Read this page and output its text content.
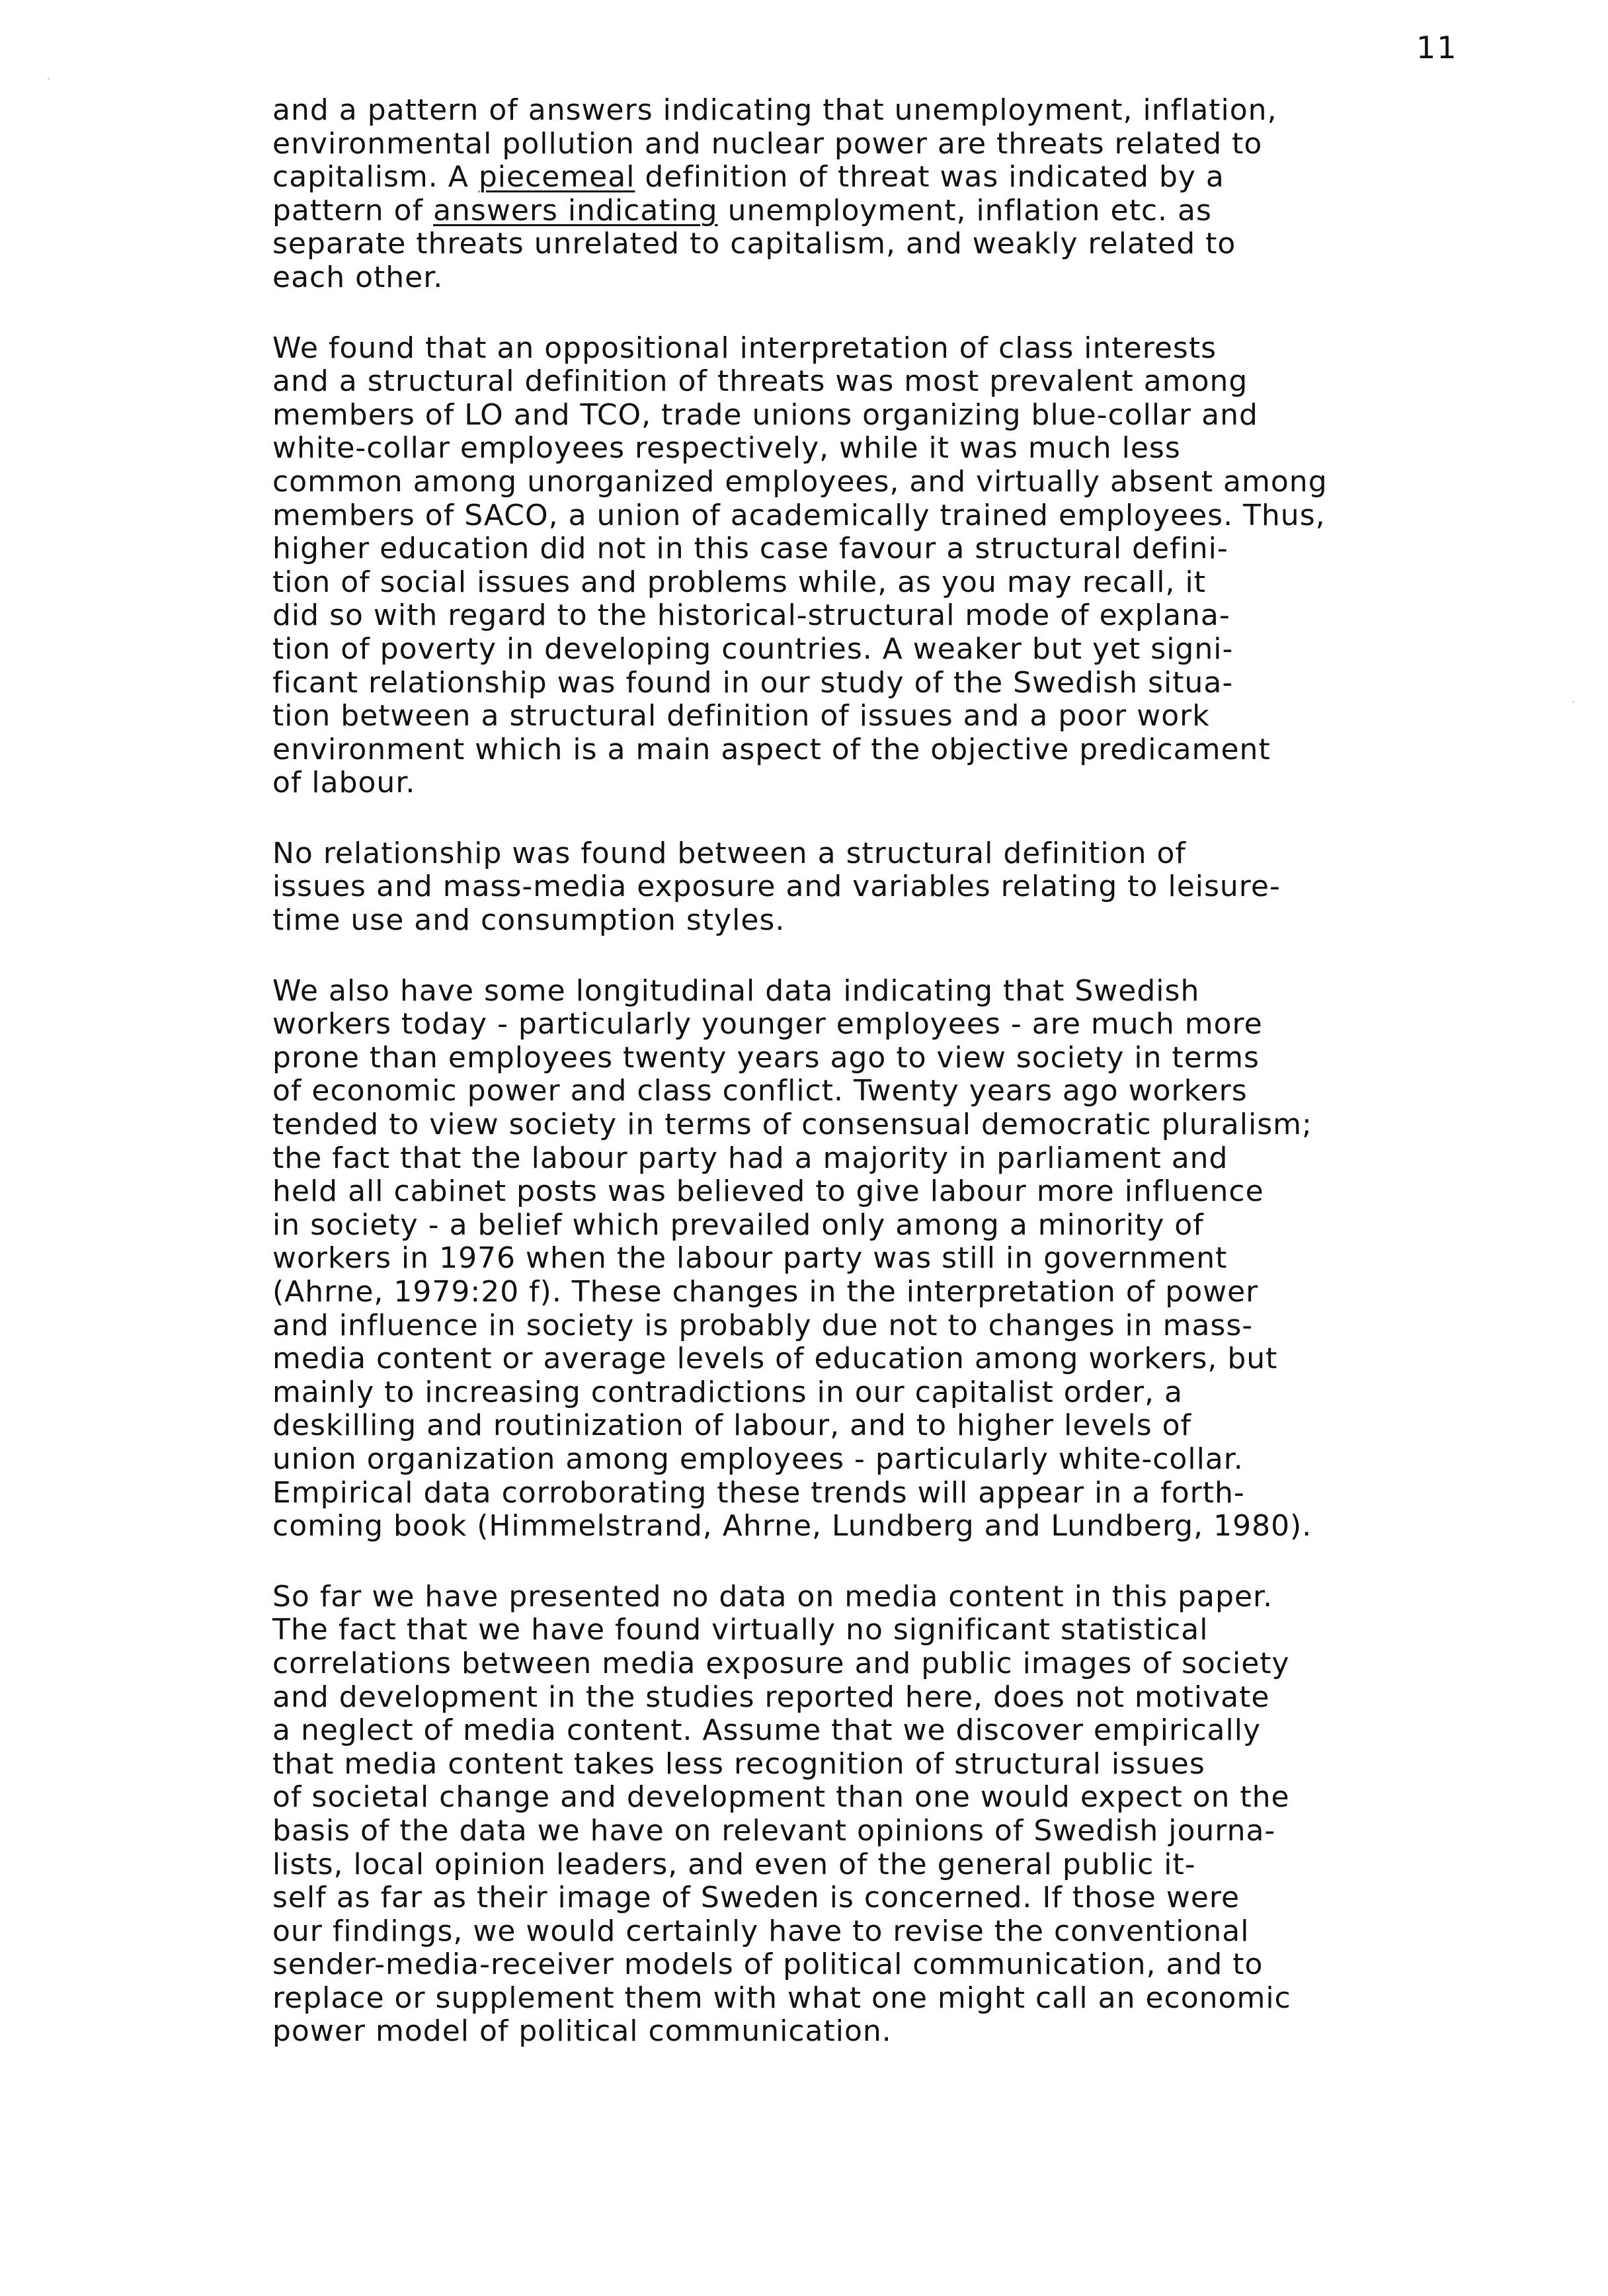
11
and a pattern of answers indicating that unemployment, inflation,
environmental pollution and nuclear power are threats related to
capitalism. A piecemeal definition of threat was indicated by a
pattern of answers indicating unemployment, inflation etc. as
separate threats unrelated to capitalism, and weakly related to
each other.
We found that an oppositional interpretation of class interests
and a structural definition of threats was most prevalent among
members of LO and TCO, trade unions organizing blue-collar and
white-collar employees respectively, while it was much less
common among unorganized employees, and virtually absent among
members of SACO, a union of academically trained employees. Thus,
higher education did not in this case favour a structural defini-
tion of social issues and problems while, as you may recall, it
did so with regard to the historical-structural mode of explana-
tion of poverty in developing countries. A weaker but yet signi-
ficant relationship was found in our study of the Swedish situa-
tion between a structural definition of issues and a poor work
environment which is a main aspect of the objective predicament
of labour.
No relationship was found between a structural definition of
issues and mass-media exposure and variables relating to leisure-
time use and consumption styles.
We also have some longitudinal data indicating that Swedish
workers today - particularly younger employees - are much more
prone than employees twenty years ago to view society in terms
of economic power and class conflict. Twenty years ago workers
tended to view society in terms of consensual democratic pluralism;
the fact that the labour party had a majority in parliament and
held all cabinet posts was believed to give labour more influence
in society - a belief which prevailed only among a minority of
workers in 1976 when the labour party was still in government
(Ahrne, 1979:20 f). These changes in the interpretation of power
and influence in society is probably due not to changes in mass-
media content or average levels of education among workers, but
mainly to increasing contradictions in our capitalist order, a
deskilling and routinization of labour, and to higher levels of
union organization among employees - particularly white-collar.
Empirical data corroborating these trends will appear in a forth-
coming book (Himmelstrand, Ahrne, Lundberg and Lundberg, 1980).
So far we have presented no data on media content in this paper.
The fact that we have found virtually no significant statistical
correlations between media exposure and public images of society
and development in the studies reported here, does not motivate
a neglect of media content. Assume that we discover empirically
that media content takes less recognition of structural issues
of societal change and development than one would expect on the
basis of the data we have on relevant opinions of Swedish journa-
lists, local opinion leaders, and even of the general public it-
self as far as their image of Sweden is concerned. If those were
our findings, we would certainly have to revise the conventional
sender-media-receiver models of political communication, and to
replace or supplement them with what one might call an economic
power model of political communication.
